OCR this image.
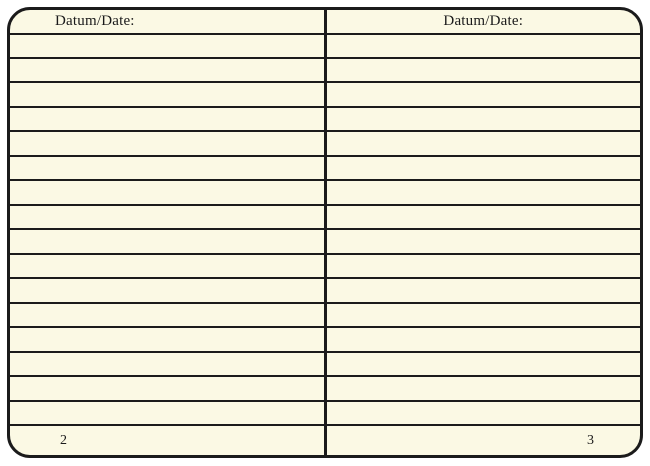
Datum/Date:
2
Datum/Date:
3
